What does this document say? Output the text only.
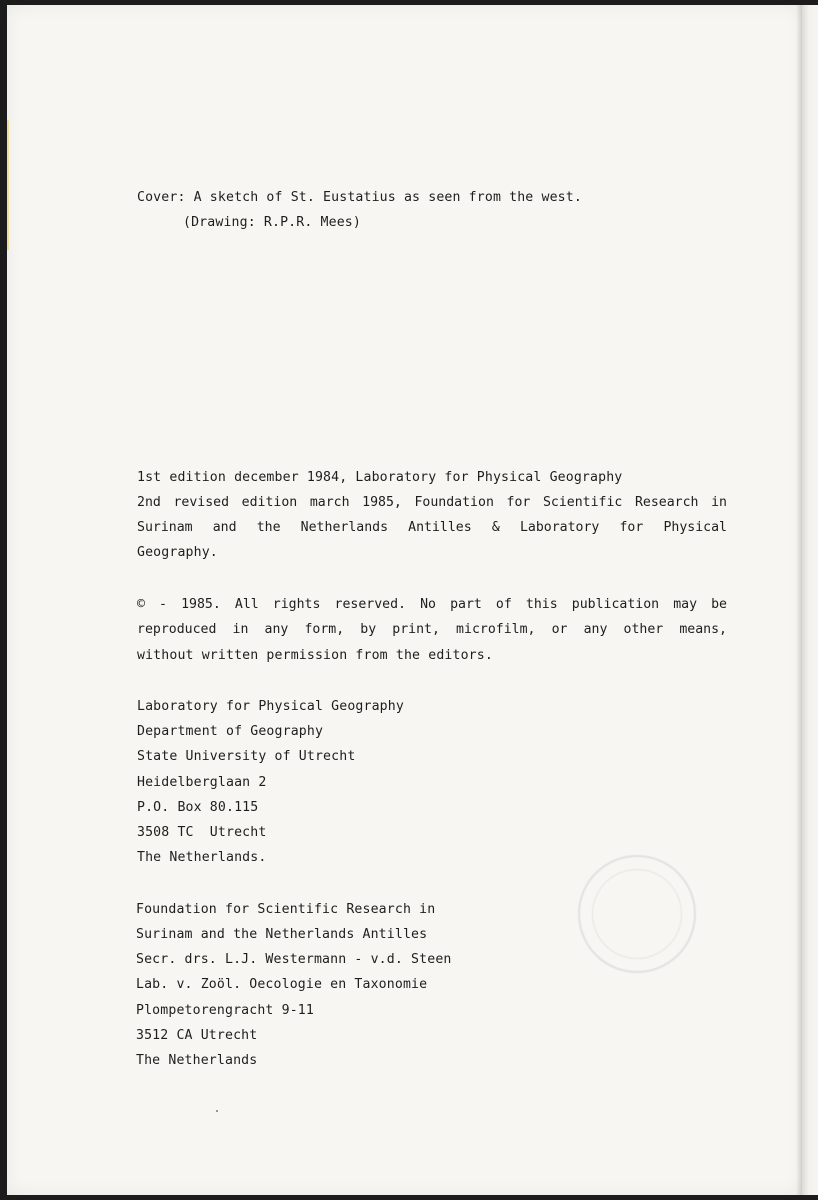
Cover: A sketch of St. Eustatius as seen from the west.
(Drawing: R.P.R. Mees)
1st edition december 1984, Laboratory for Physical Geography
2nd revised edition march 1985, Foundation for Scientific Research in
Surinam and the Netherlands Antilles & Laboratory for Physical
Geography.
© - 1985. All rights reserved. No part of this publication may be
reproduced in any form, by print, microfilm, or any other means,
without written permission from the editors.
Laboratory for Physical Geography
Department of Geography
State University of Utrecht
Heidelberglaan 2
P.O. Box 80.115
3508 TC  Utrecht
The Netherlands.
Foundation for Scientific Research in
Surinam and the Netherlands Antilles
Secr. drs. L.J. Westermann - v.d. Steen
Lab. v. Zoöl. Oecologie en Taxonomie
Plompetorengracht 9-11
3512 CA Utrecht
The Netherlands
